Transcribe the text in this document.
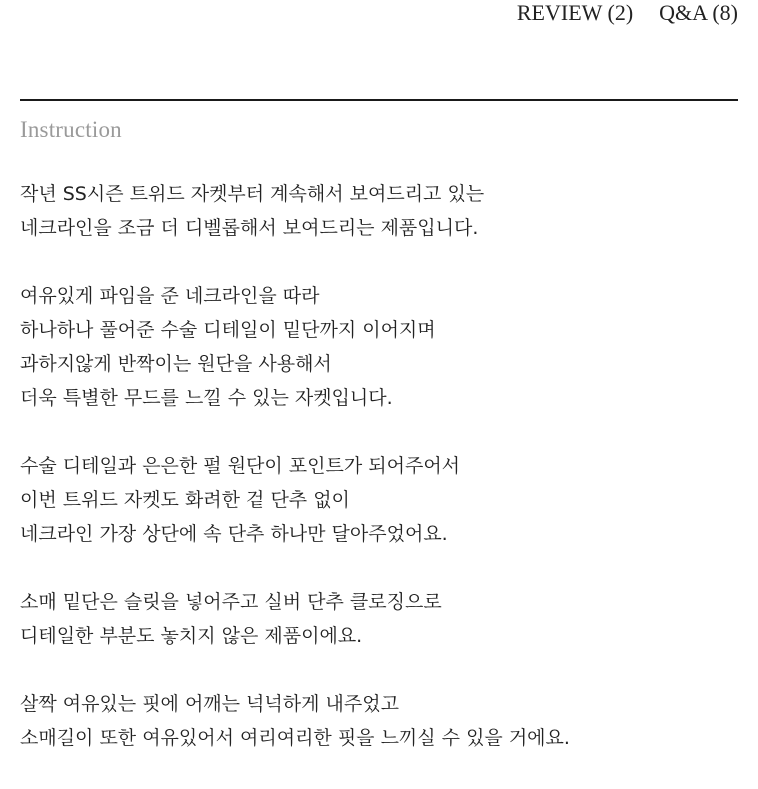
REVIEW (2) Q&A (8)
Instruction
작년 SS시즌 트위드 자켓부터 계속해서 보여드리고 있는
네크라인을 조금 더 디벨롭해서 보여드리는 제품입니다.
여유있게 파임을 준 네크라인을 따라
하나하나 풀어준 수술 디테일이 밑단까지 이어지며
과하지않게 반짝이는 원단을 사용해서
더욱 특별한 무드를 느낄 수 있는 자켓입니다.
수술 디테일과 은은한 펄 원단이 포인트가 되어주어서
이번 트위드 자켓도 화려한 겉 단추 없이
네크라인 가장 상단에 속 단추 하나만 달아주었어요.
소매 밑단은 슬릿을 넣어주고 실버 단추 클로징으로
디테일한 부분도 놓치지 않은 제품이에요.
살짝 여유있는 핏에 어깨는 넉넉하게 내주었고
소매길이 또한 여유있어서 여리여리한 핏을 느끼실 수 있을 거에요.
